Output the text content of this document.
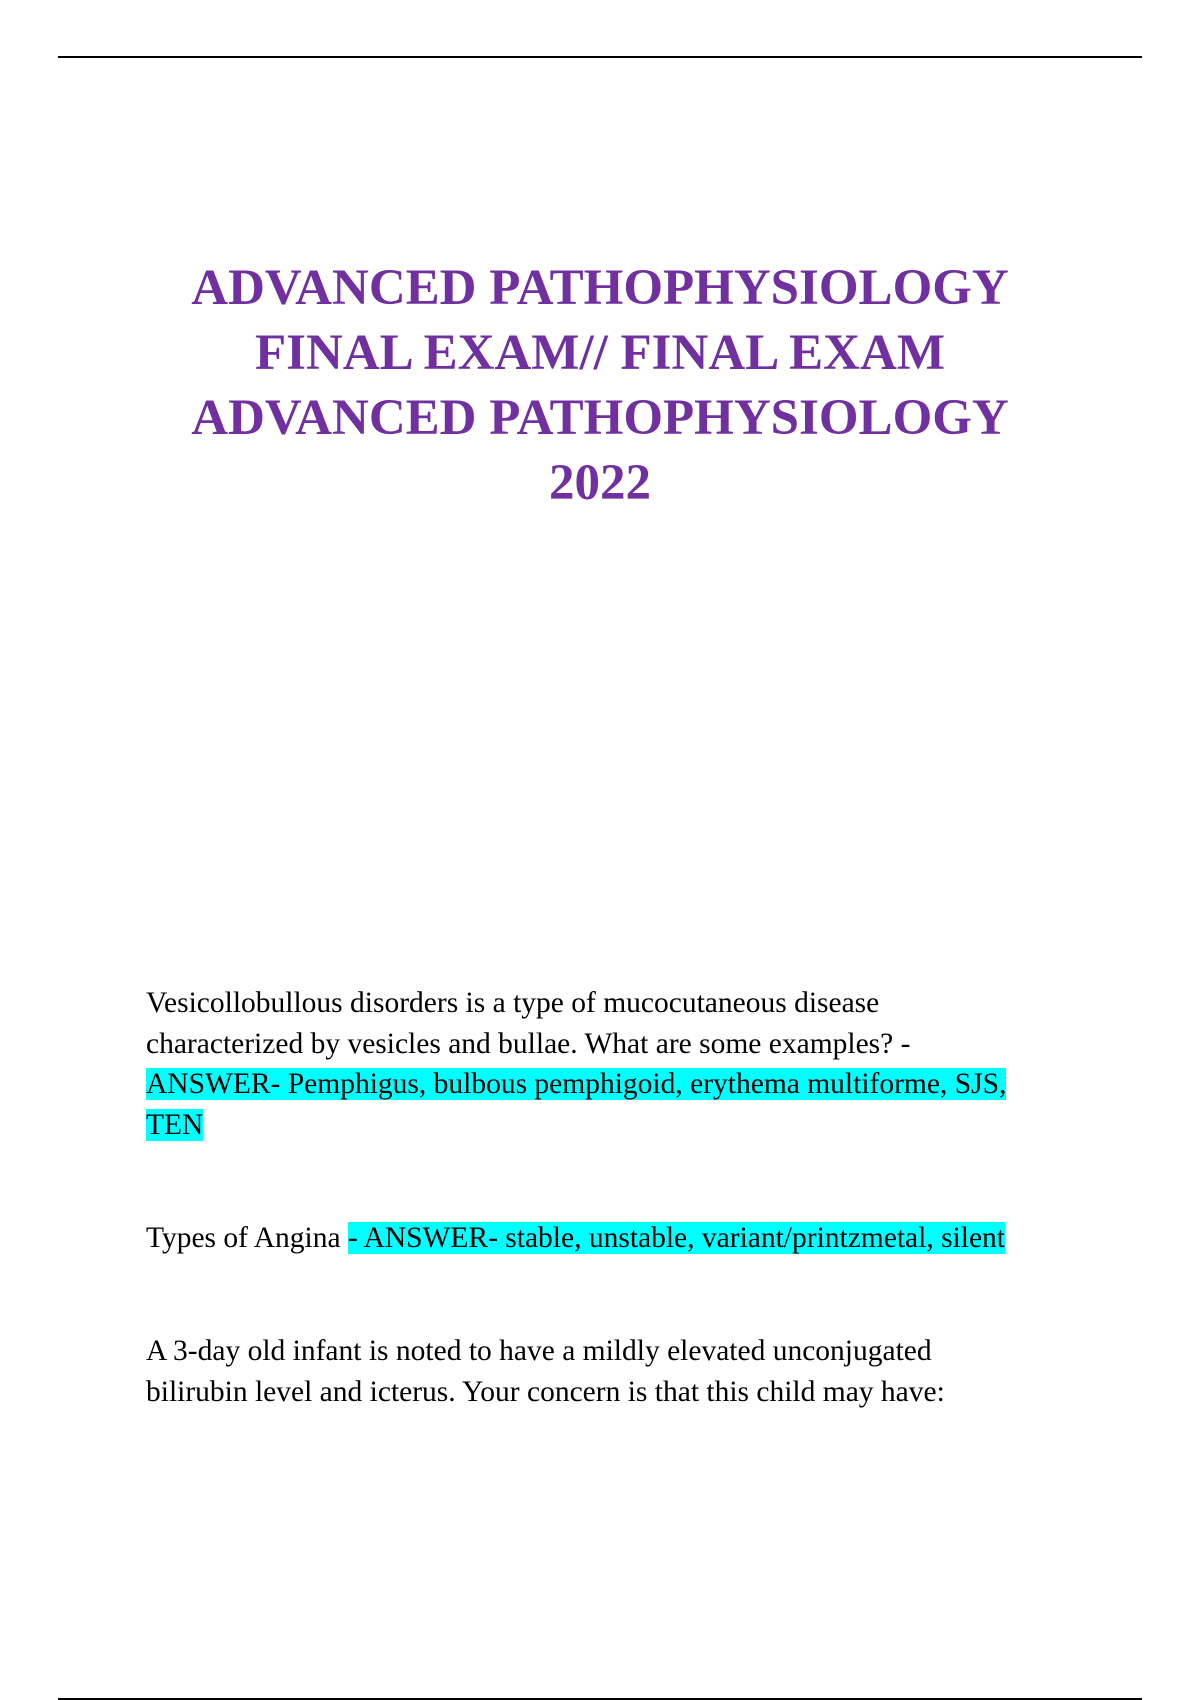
ADVANCED PATHOPHYSIOLOGY
FINAL EXAM// FINAL EXAM
ADVANCED PATHOPHYSIOLOGY
2022

Vesicollobullous disorders is a type of mucocutaneous disease
characterized by vesicles and bullae. What are some examples? -
ANSWER- Pemphigus, bulbous pemphigoid, erythema multiforme, SJS,
TEN

Types of Angina - ANSWER- stable, unstable, variant/printzmetal, silent

A 3-day old infant is noted to have a mildly elevated unconjugated
bilirubin level and icterus. Your concern is that this child may have:
